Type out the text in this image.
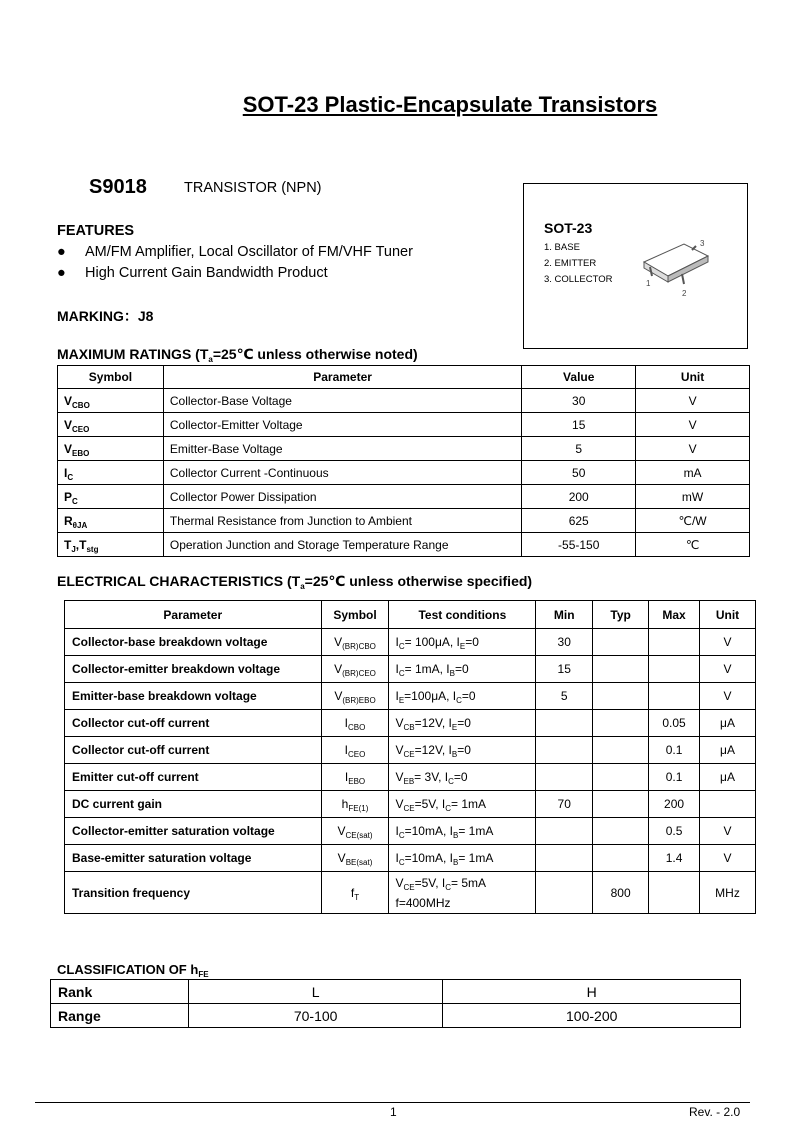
SOT-23 Plastic-Encapsulate Transistors
S9018	TRANSISTOR (NPN)
FEATURES
● AM/FM Amplifier, Local Oscillator of FM/VHF Tuner
● High Current Gain Bandwidth Product
MARKING：J8
SOT-23
1. BASE
2. EMITTER
3. COLLECTOR
3
1
2
MAXIMUM RATINGS ($T_a=25℃$ unless otherwise noted)
Symbol	Parameter	Value	Unit
$V_{CBO}$	Collector-Base Voltage	30	V
$V_{CEO}$	Collector-Emitter Voltage	15	V
$V_{EBO}$	Emitter-Base Voltage	5	V
$I_C$	Collector Current -Continuous	50	mA
$P_C$	Collector Power Dissipation	200	mW
$R_{\theta JA}$	Thermal Resistance from Junction to Ambient	625	℃/W
$T_J,T_{stg}$	Operation Junction and Storage Temperature Range	-55-150	℃
ELECTRICAL CHARACTERISTICS ($T_a=25℃$ unless otherwise specified)
Parameter	Symbol	Test conditions	Min	Typ	Max	Unit
Collector-base breakdown voltage	$V_{(BR)CBO}$	$I_C= 100\mu A$, $I_E=0$	30			V
Collector-emitter breakdown voltage	$V_{(BR)CEO}$	$I_C= 1mA$, $I_B=0$	15			V
Emitter-base breakdown voltage	$V_{(BR)EBO}$	$I_E=100\mu A$, $I_C=0$	5			V
Collector cut-off current	$I_{CBO}$	$V_{CB}=12V$, $I_E=0$			0.05	μA
Collector cut-off current	$I_{CEO}$	$V_{CE}=12V$, $I_B=0$			0.1	μA
Emitter cut-off current	$I_{EBO}$	$V_{EB}= 3V$, $I_C=0$			0.1	μA
DC current gain	$h_{FE(1)}$	$V_{CE}=5V$, $I_C= 1mA$	70		200	
Collector-emitter saturation voltage	$V_{CE(sat)}$	$I_C=10mA$, $I_B= 1mA$			0.5	V
Base-emitter saturation voltage	$V_{BE(sat)}$	$I_C=10mA$, $I_B= 1mA$			1.4	V
Transition frequency	$f_T$	$V_{CE}=5V$, $I_C= 5mA$
f=400MHz		800		MHz
CLASSIFICATION OF $h_{FE}$
Rank	L	H
Range	70-100	100-200
1	Rev. - 2.0
